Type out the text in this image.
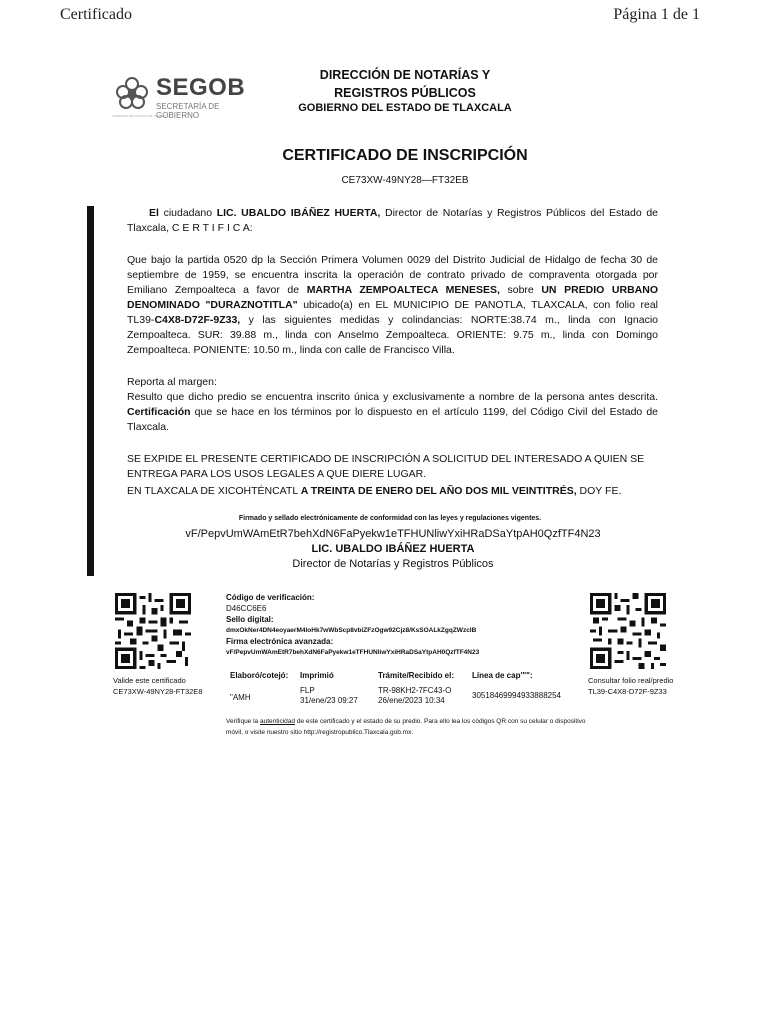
Certificado	Página 1 de 1
SEGOB
SECRETARÍA DE GOBIERNO
GOBIERNO DEL ESTADO DE TLAXCALA
DIRECCIÓN DE NOTARÍAS Y REGISTROS PÚBLICOS
GOBIERNO DEL ESTADO DE TLAXCALA
CERTIFICADO DE INSCRIPCIÓN
CE73XW-49NY28—FT32EB

El ciudadano LIC. UBALDO IBÁÑEZ HUERTA, Director de Notarías y Registros Públicos del Estado de Tlaxcala, C E R T I F I C A:

Que bajo la partida 0520 dp la Sección Primera Volumen 0029 del Distrito Judicial de Hidalgo de fecha 30 de septiembre de 1959, se encuentra inscrita la operación de contrato privado de compraventa otorgada por Emiliano Zempoalteca a favor de MARTHA ZEMPOALTECA MENESES, sobre UN PREDIO URBANO DENOMINADO "DURAZNOTITLA" ubicado(a) en EL MUNICIPIO DE PANOTLA, TLAXCALA, con folio real TL39-C4X8-D72F-9Z33, y las siguientes medidas y colindancias: NORTE:38.74 m., linda con Ignacio Zempoalteca. SUR: 39.88 m., linda con Anselmo Zempoalteca. ORIENTE: 9.75 m., linda con Domingo Zempoalteca. PONIENTE: 10.50 m., linda con calle de Francisco Villa.

Reporta al margen:
Resulto que dicho predio se encuentra inscrito única y exclusivamente a nombre de la persona antes descrita. Certificación que se hace en los términos por lo dispuesto en el artículo 1199, del Código Civil del Estado de Tlaxcala.

SE EXPIDE EL PRESENTE CERTIFICADO DE INSCRIPCIÓN A SOLICITUD DEL INTERESADO A QUIEN SE ENTREGA PARA LOS USOS LEGALES A QUE DIERE LUGAR.

EN TLAXCALA DE XICOHTÉNCATL A TREINTA DE ENERO DEL AÑO DOS MIL VEINTITRÉS, DOY FE.

Firmado y sellado electrónicamente de conformidad con las leyes y regulaciones vigentes.
vF/PepvUmWAmEtR7behXdN6FaPyekw1eTFHUNliwYxiHRaDSaYtpAH0QzfTF4N23
LIC. UBALDO IBÁÑEZ HUERTA
Director de Notarías y Registros Públicos
Valide este certificado
CE73XW-49NY28-FT32E8
Consultar folio real/predio
TL39-C4X8-D72F-9Z33
Código de verificación:
D46CC6E6
Sello digital:
dmxOkNer4DN4eoyaerM4loHk7wWbScp8vbiZFzOgw92Cjz8/KsSOALkZgqZWzcIB
Firma electrónica avanzada:
vF/PepvUmWAmEtR7behXdN6FaPyekw1eTFHUNliwYxiHRaDSaYtpAH0QzfTF4N23
Elaboró/cotejó: Imprimió	Trámite/Recibido el: Línea de cap'"":
"AMH
FLP
31/ene/23 09:27
TR-98KH2-7FC43-O
26/ene/2023 10:34
30518469994933888254
Verifique la autenticidad de este certificado y el estado de su predio. Para ello lea los códigos QR con su celular o dispositivo móvil, o visite nuestro sitio http://registropublico.Tlaxcala.gob.mx.
